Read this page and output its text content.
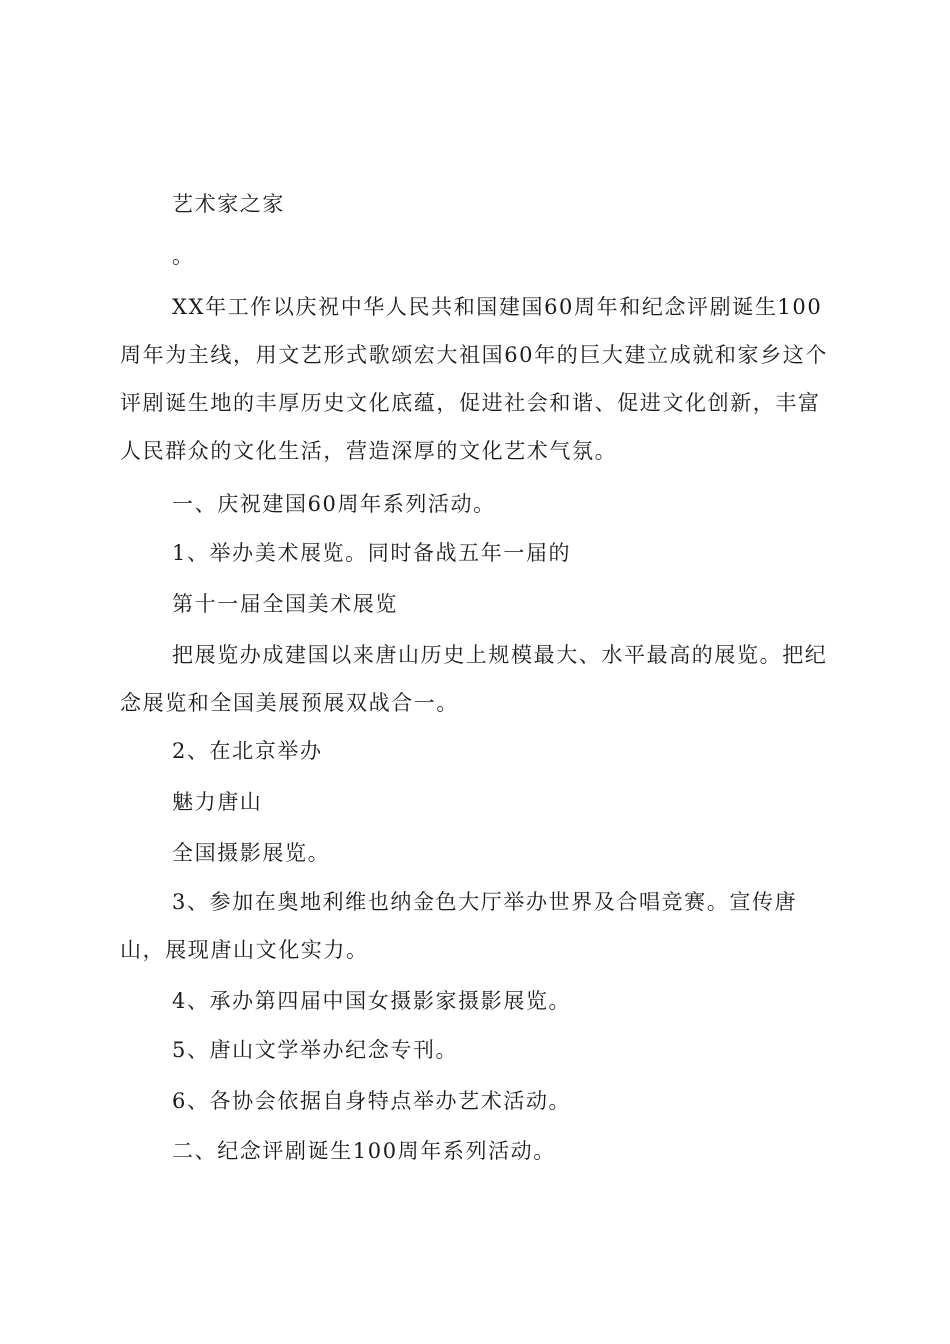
艺术家之家

。

XX年工作以庆祝中华人民共和国建国60周年和纪念评剧诞生100周年为主线，用文艺形式歌颂宏大祖国60年的巨大建立成就和家乡这个评剧诞生地的丰厚历史文化底蕴，促进社会和谐、促进文化创新，丰富人民群众的文化生活，营造深厚的文化艺术气氛。

一、庆祝建国60周年系列活动。

1、举办美术展览。同时备战五年一届的

第十一届全国美术展览

把展览办成建国以来唐山历史上规模最大、水平最高的展览。把纪念展览和全国美展预展双战合一。

2、在北京举办

魅力唐山

全国摄影展览。

3、参加在奥地利维也纳金色大厅举办世界及合唱竞赛。宣传唐山，展现唐山文化实力。

4、承办第四届中国女摄影家摄影展览。

5、唐山文学举办纪念专刊。

6、各协会依据自身特点举办艺术活动。

二、纪念评剧诞生100周年系列活动。
